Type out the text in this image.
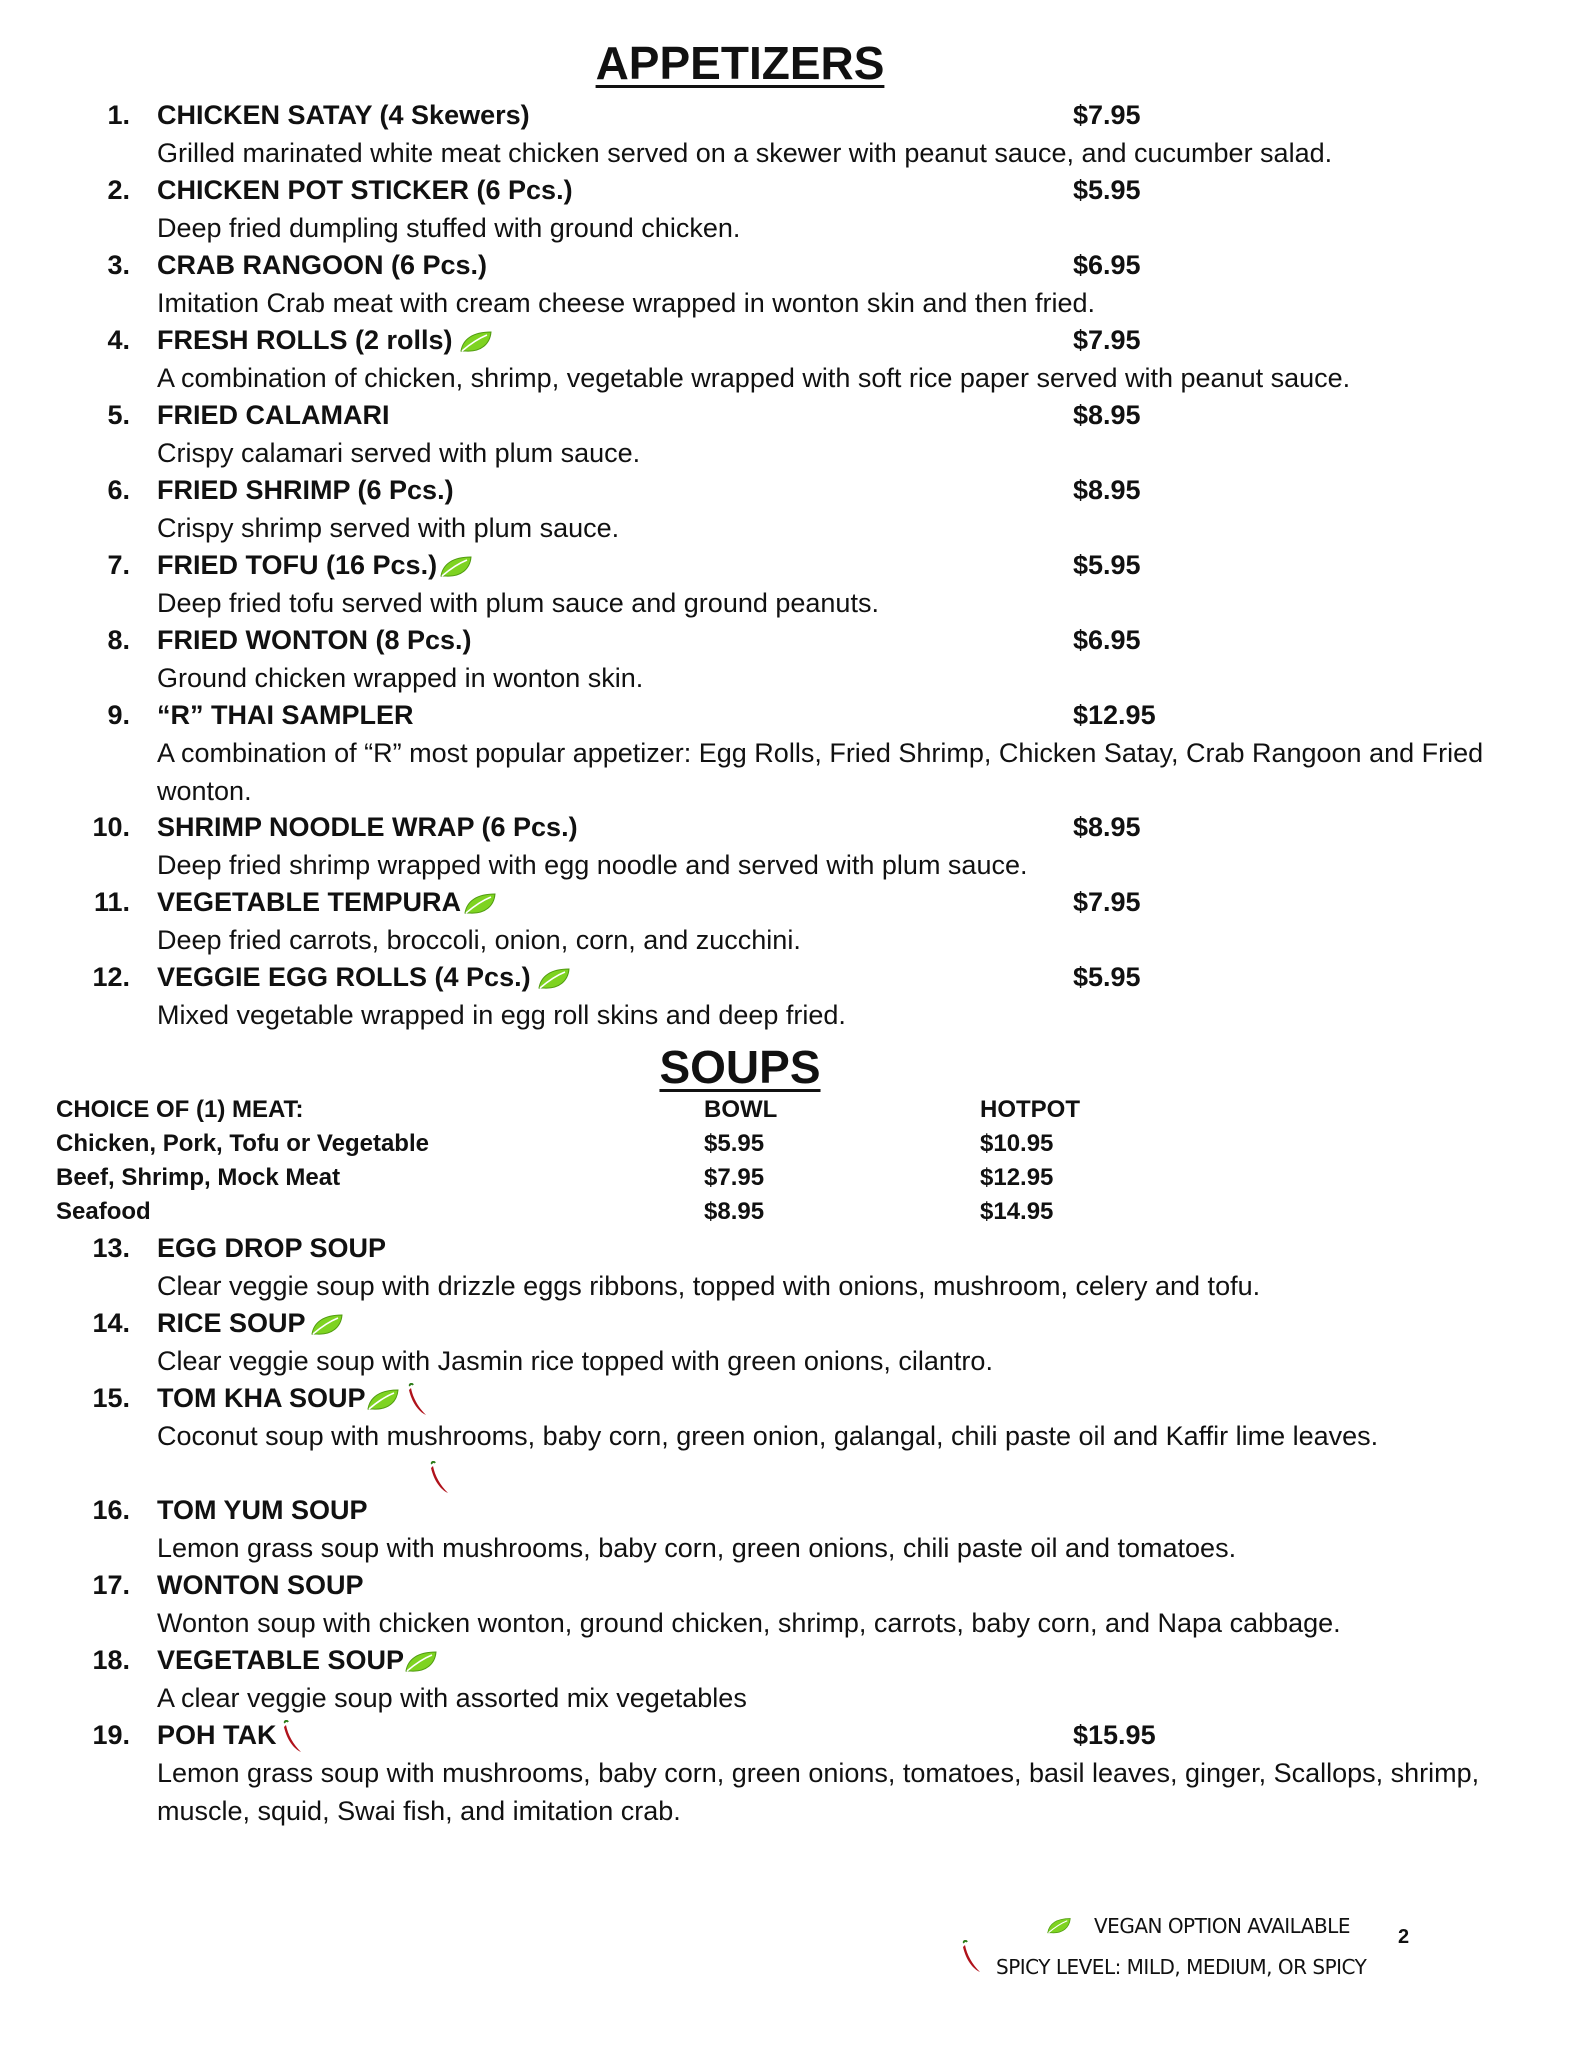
APPETIZERS
1. CHICKEN SATAY (4 Skewers)	$7.95
Grilled marinated white meat chicken served on a skewer with peanut sauce, and cucumber salad.
2. CHICKEN POT STICKER (6 Pcs.)	$5.95
Deep fried dumpling stuffed with ground chicken.
3. CRAB RANGOON (6 Pcs.)	$6.95
Imitation Crab meat with cream cheese wrapped in wonton skin and then fried.
4. FRESH ROLLS (2 rolls)	$7.95
A combination of chicken, shrimp, vegetable wrapped with soft rice paper served with peanut sauce.
5. FRIED CALAMARI	$8.95
Crispy calamari served with plum sauce.
6. FRIED SHRIMP (6 Pcs.)	$8.95
Crispy shrimp served with plum sauce.
7. FRIED TOFU (16 Pcs.)	$5.95
Deep fried tofu served with plum sauce and ground peanuts.
8. FRIED WONTON (8 Pcs.)	$6.95
Ground chicken wrapped in wonton skin.
9. “R” THAI SAMPLER	$12.95
A combination of “R” most popular appetizer: Egg Rolls, Fried Shrimp, Chicken Satay, Crab Rangoon and Fried wonton.
10. SHRIMP NOODLE WRAP (6 Pcs.)	$8.95
Deep fried shrimp wrapped with egg noodle and served with plum sauce.
11. VEGETABLE TEMPURA	$7.95
Deep fried carrots, broccoli, onion, corn, and zucchini.
12. VEGGIE EGG ROLLS (4 Pcs.)	$5.95
Mixed vegetable wrapped in egg roll skins and deep fried.
SOUPS
CHOICE OF (1) MEAT:	BOWL	HOTPOT
Chicken, Pork, Tofu or Vegetable	$5.95	$10.95
Beef, Shrimp, Mock Meat	$7.95	$12.95
Seafood	$8.95	$14.95
13. EGG DROP SOUP
Clear veggie soup with drizzle eggs ribbons, topped with onions, mushroom, celery and tofu.
14. RICE SOUP
Clear veggie soup with Jasmin rice topped with green onions, cilantro.
15. TOM KHA SOUP
Coconut soup with mushrooms, baby corn, green onion, galangal, chili paste oil and Kaffir lime leaves.
16. TOM YUM SOUP
Lemon grass soup with mushrooms, baby corn, green onions, chili paste oil and tomatoes.
17. WONTON SOUP
Wonton soup with chicken wonton, ground chicken, shrimp, carrots, baby corn, and Napa cabbage.
18. VEGETABLE SOUP
A clear veggie soup with assorted mix vegetables
19. POH TAK	$15.95
Lemon grass soup with mushrooms, baby corn, green onions, tomatoes, basil leaves, ginger, Scallops, shrimp, muscle, squid, Swai fish, and imitation crab.
VEGAN OPTION AVAILABLE
SPICY LEVEL: MILD, MEDIUM, OR SPICY
2
